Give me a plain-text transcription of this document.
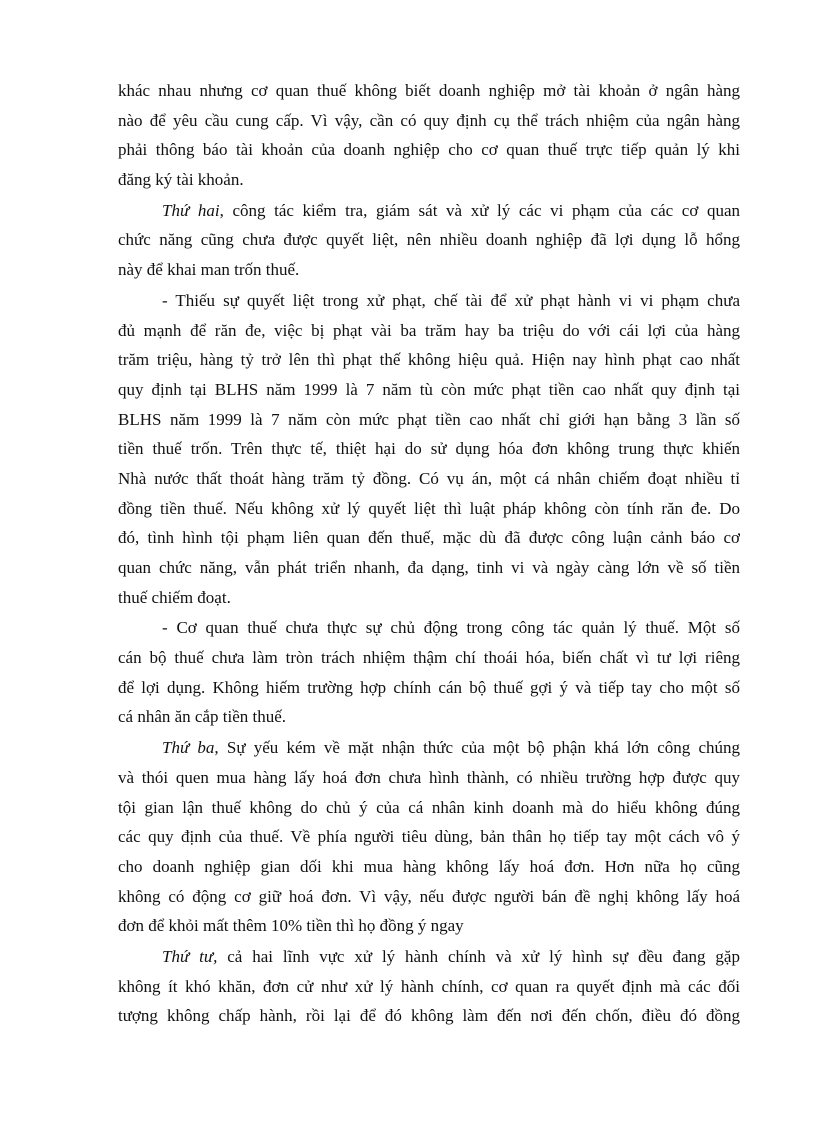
khác nhau nhưng cơ quan thuế không biết doanh nghiệp mở tài khoản ở ngân hàng
nào để yêu cầu cung cấp. Vì vậy, cần có quy định cụ thể trách nhiệm của ngân hàng
phải thông báo tài khoản của doanh nghiệp cho cơ quan thuế trực tiếp quản lý khi
đăng ký tài khoản.
Thứ hai, công tác kiểm tra, giám sát và xử lý các vi phạm của các cơ quan
chức năng cũng chưa được quyết liệt, nên nhiều doanh nghiệp đã lợi dụng lỗ hổng
này để khai man trốn thuế.
- Thiếu sự quyết liệt trong xử phạt, chế tài để xử phạt hành vi vi phạm chưa
đủ mạnh để răn đe, việc bị phạt vài ba trăm hay ba triệu do với cái lợi của hàng
trăm triệu, hàng tỷ trở lên thì phạt thế không hiệu quả. Hiện nay hình phạt cao nhất
quy định tại BLHS năm 1999 là 7 năm tù còn mức phạt tiền cao nhất quy định tại
BLHS năm 1999 là 7 năm còn mức phạt tiền cao nhất chỉ giới hạn bằng 3 lần số
tiền thuế trốn. Trên thực tế, thiệt hại do sử dụng hóa đơn không trung thực khiến
Nhà nước thất thoát hàng trăm tỷ đồng. Có vụ án, một cá nhân chiếm đoạt nhiều tỉ
đồng tiền thuế. Nếu không xử lý quyết liệt thì luật pháp không còn tính răn đe. Do
đó, tình hình tội phạm liên quan đến thuế, mặc dù đã được công luận cảnh báo cơ
quan chức năng, vẫn phát triển nhanh, đa dạng, tinh vi và ngày càng lớn về số tiền
thuế chiếm đoạt.
- Cơ quan thuế chưa thực sự chủ động trong công tác quản lý thuế. Một số
cán bộ thuế chưa làm tròn trách nhiệm thậm chí thoái hóa, biến chất vì tư lợi riêng
để lợi dụng. Không hiếm trường hợp chính cán bộ thuế gợi ý và tiếp tay cho một số
cá nhân ăn cắp tiền thuế.
Thứ ba, Sự yếu kém về mặt nhận thức của một bộ phận khá lớn công chúng
và thói quen mua hàng lấy hoá đơn chưa hình thành, có nhiều trường hợp được quy
tội gian lận thuế không do chủ ý của cá nhân kinh doanh mà do hiểu không đúng
các quy định của thuế. Về phía người tiêu dùng, bản thân họ tiếp tay một cách vô ý
cho doanh nghiệp gian dối khi mua hàng không lấy hoá đơn. Hơn nữa họ cũng
không có động cơ giữ hoá đơn. Vì vậy, nếu được người bán đề nghị không lấy hoá
đơn để khỏi mất thêm 10% tiền thì họ đồng ý ngay
Thứ tư, cả hai lĩnh vực xử lý hành chính và xử lý hình sự đều đang gặp
không ít khó khăn, đơn cử như xử lý hành chính, cơ quan ra quyết định mà các đối
tượng không chấp hành, rồi lại để đó không làm đến nơi đến chốn, điều đó đồng
